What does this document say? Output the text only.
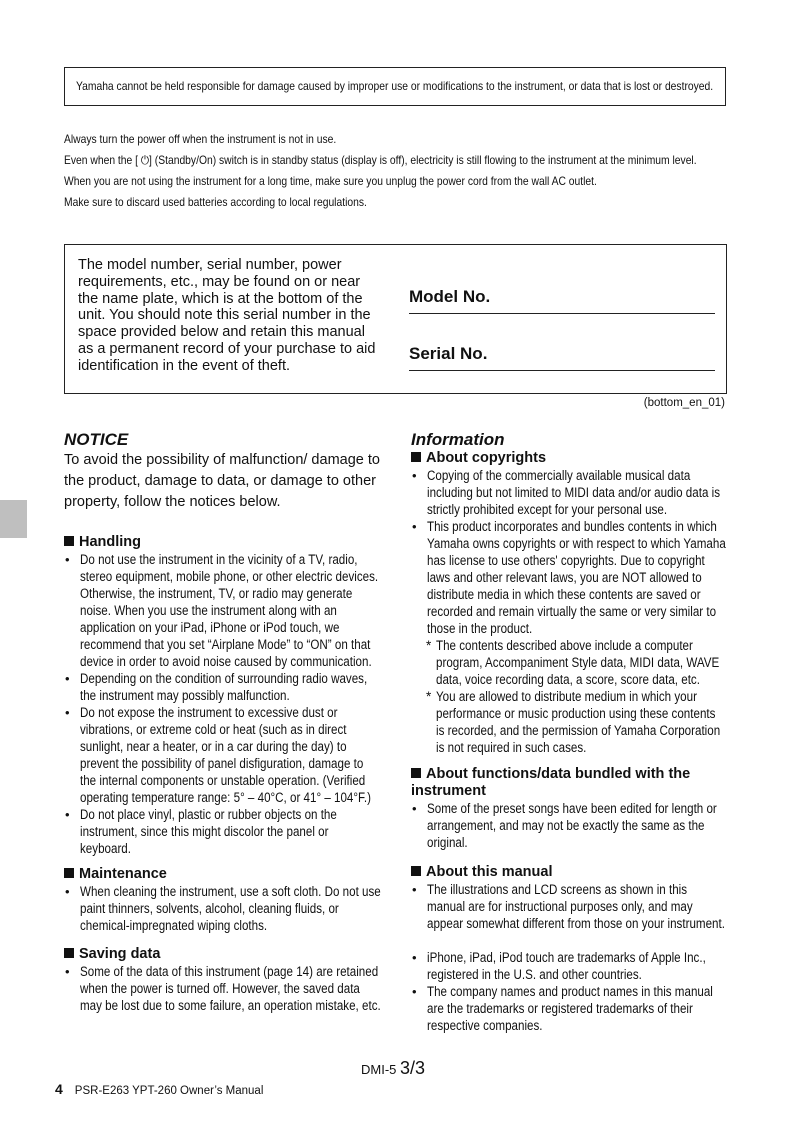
Yamaha cannot be held responsible for damage caused by improper use or modifications to the instrument, or data that is lost or destroyed.
Always turn the power off when the instrument is not in use.
Even when the [ ⏻] (Standby/On) switch is in standby status (display is off), electricity is still flowing to the instrument at the minimum level.
When you are not using the instrument for a long time, make sure you unplug the power cord from the wall AC outlet.
Make sure to discard used batteries according to local regulations.
The model number, serial number, power requirements, etc., may be found on or near the name plate, which is at the bottom of the unit. You should note this serial number in the space provided below and retain this manual as a permanent record of your purchase to aid identification in the event of theft.
Model No.
Serial No.
(bottom_en_01)
NOTICE
To avoid the possibility of malfunction/ damage to the product, damage to data, or damage to other property, follow the notices below.
Handling
• Do not use the instrument in the vicinity of a TV, radio, stereo equipment, mobile phone, or other electric devices. Otherwise, the instrument, TV, or radio may generate noise. When you use the instrument along with an application on your iPad, iPhone or iPod touch, we recommend that you set “Airplane Mode” to “ON” on that device in order to avoid noise caused by communication.
• Depending on the condition of surrounding radio waves, the instrument may possibly malfunction.
• Do not expose the instrument to excessive dust or vibrations, or extreme cold or heat (such as in direct sunlight, near a heater, or in a car during the day) to prevent the possibility of panel disfiguration, damage to the internal components or unstable operation. (Verified operating temperature range: 5° – 40°C, or 41° – 104°F.)
• Do not place vinyl, plastic or rubber objects on the instrument, since this might discolor the panel or keyboard.
Maintenance
• When cleaning the instrument, use a soft cloth. Do not use paint thinners, solvents, alcohol, cleaning fluids, or chemical-impregnated wiping cloths.
Saving data
• Some of the data of this instrument (page 14) are retained when the power is turned off. However, the saved data may be lost due to some failure, an operation mistake, etc.
Information
About copyrights
• Copying of the commercially available musical data including but not limited to MIDI data and/or audio data is strictly prohibited except for your personal use.
• This product incorporates and bundles contents in which Yamaha owns copyrights or with respect to which Yamaha has license to use others' copyrights. Due to copyright laws and other relevant laws, you are NOT allowed to distribute media in which these contents are saved or recorded and remain virtually the same or very similar to those in the product.
* The contents described above include a computer program, Accompaniment Style data, MIDI data, WAVE data, voice recording data, a score, score data, etc.
* You are allowed to distribute medium in which your performance or music production using these contents is recorded, and the permission of Yamaha Corporation is not required in such cases.
About functions/data bundled with the instrument
• Some of the preset songs have been edited for length or arrangement, and may not be exactly the same as the original.
About this manual
• The illustrations and LCD screens as shown in this manual are for instructional purposes only, and may appear somewhat different from those on your instrument.
• iPhone, iPad, iPod touch are trademarks of Apple Inc., registered in the U.S. and other countries.
• The company names and product names in this manual are the trademarks or registered trademarks of their respective companies.
DMI-5 3/3
4 PSR-E263 YPT-260 Owner’s Manual
